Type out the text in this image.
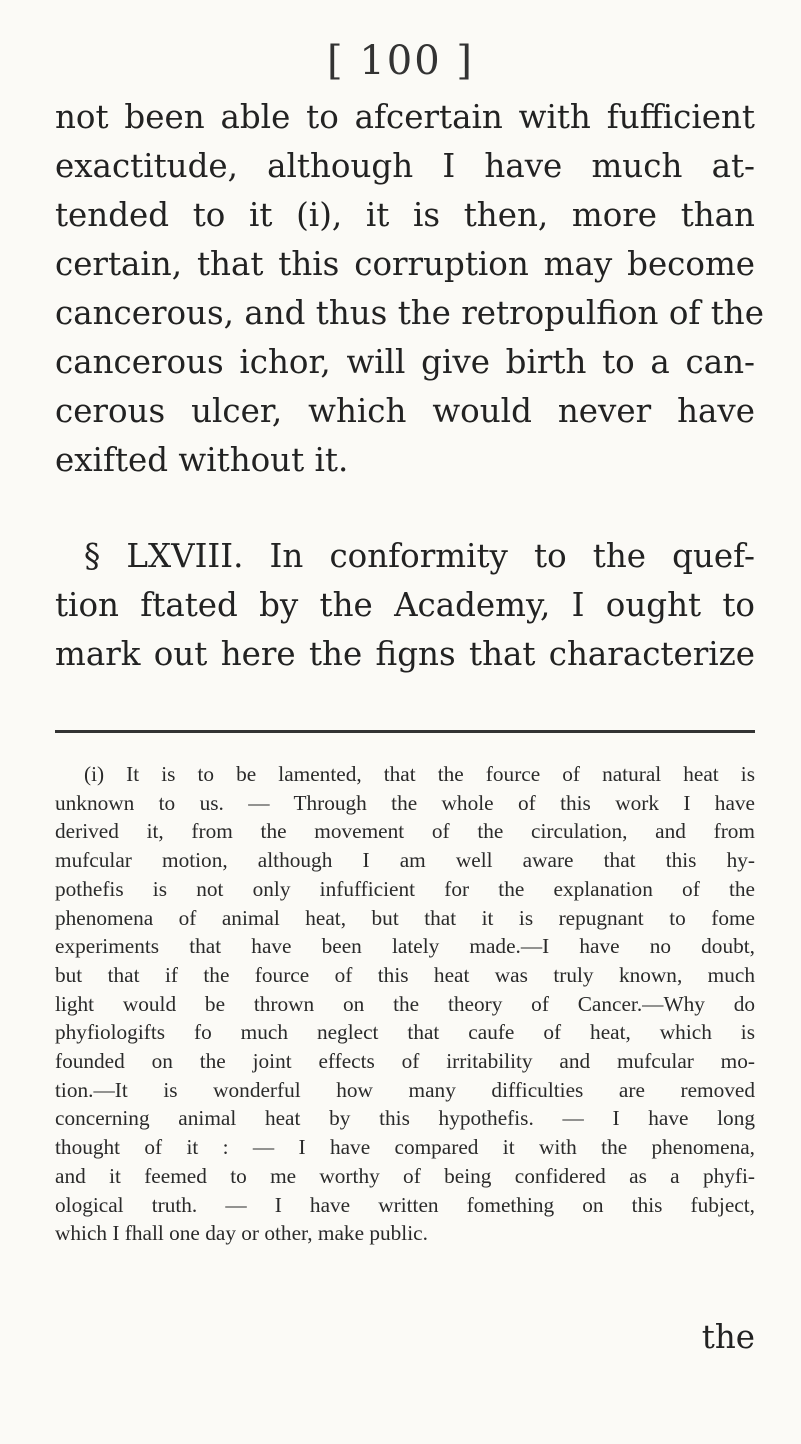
[ 100 ]
not been able to afcertain with fufficient
exactitude, although I have much at-
tended to it (i), it is then, more than
certain, that this corruption may become
cancerous, and thus the retropulfion of the
cancerous ichor, will give birth to a can-
cerous ulcer, which would never have
exifted without it.
§ LXVIII. In conformity to the quef-
tion ftated by the Academy, I ought to
mark out here the figns that characterize
(i) It is to be lamented, that the fource of natural heat is
unknown to us. — Through the whole of this work I have
derived it, from the movement of the circulation, and from
mufcular motion, although I am well aware that this hy-
pothefis is not only infufficient for the explanation of the
phenomena of animal heat, but that it is repugnant to fome
experiments that have been lately made.—I have no doubt,
but that if the fource of this heat was truly known, much
light would be thrown on the theory of Cancer.—Why do
phyfiologifts fo much neglect that caufe of heat, which is
founded on the joint effects of irritability and mufcular mo-
tion.—It is wonderful how many difficulties are removed
concerning animal heat by this hypothefis. — I have long
thought of it : — I have compared it with the phenomena,
and it feemed to me worthy of being confidered as a phyfi-
ological truth. — I have written fomething on this fubject,
which I fhall one day or other, make public.
the
